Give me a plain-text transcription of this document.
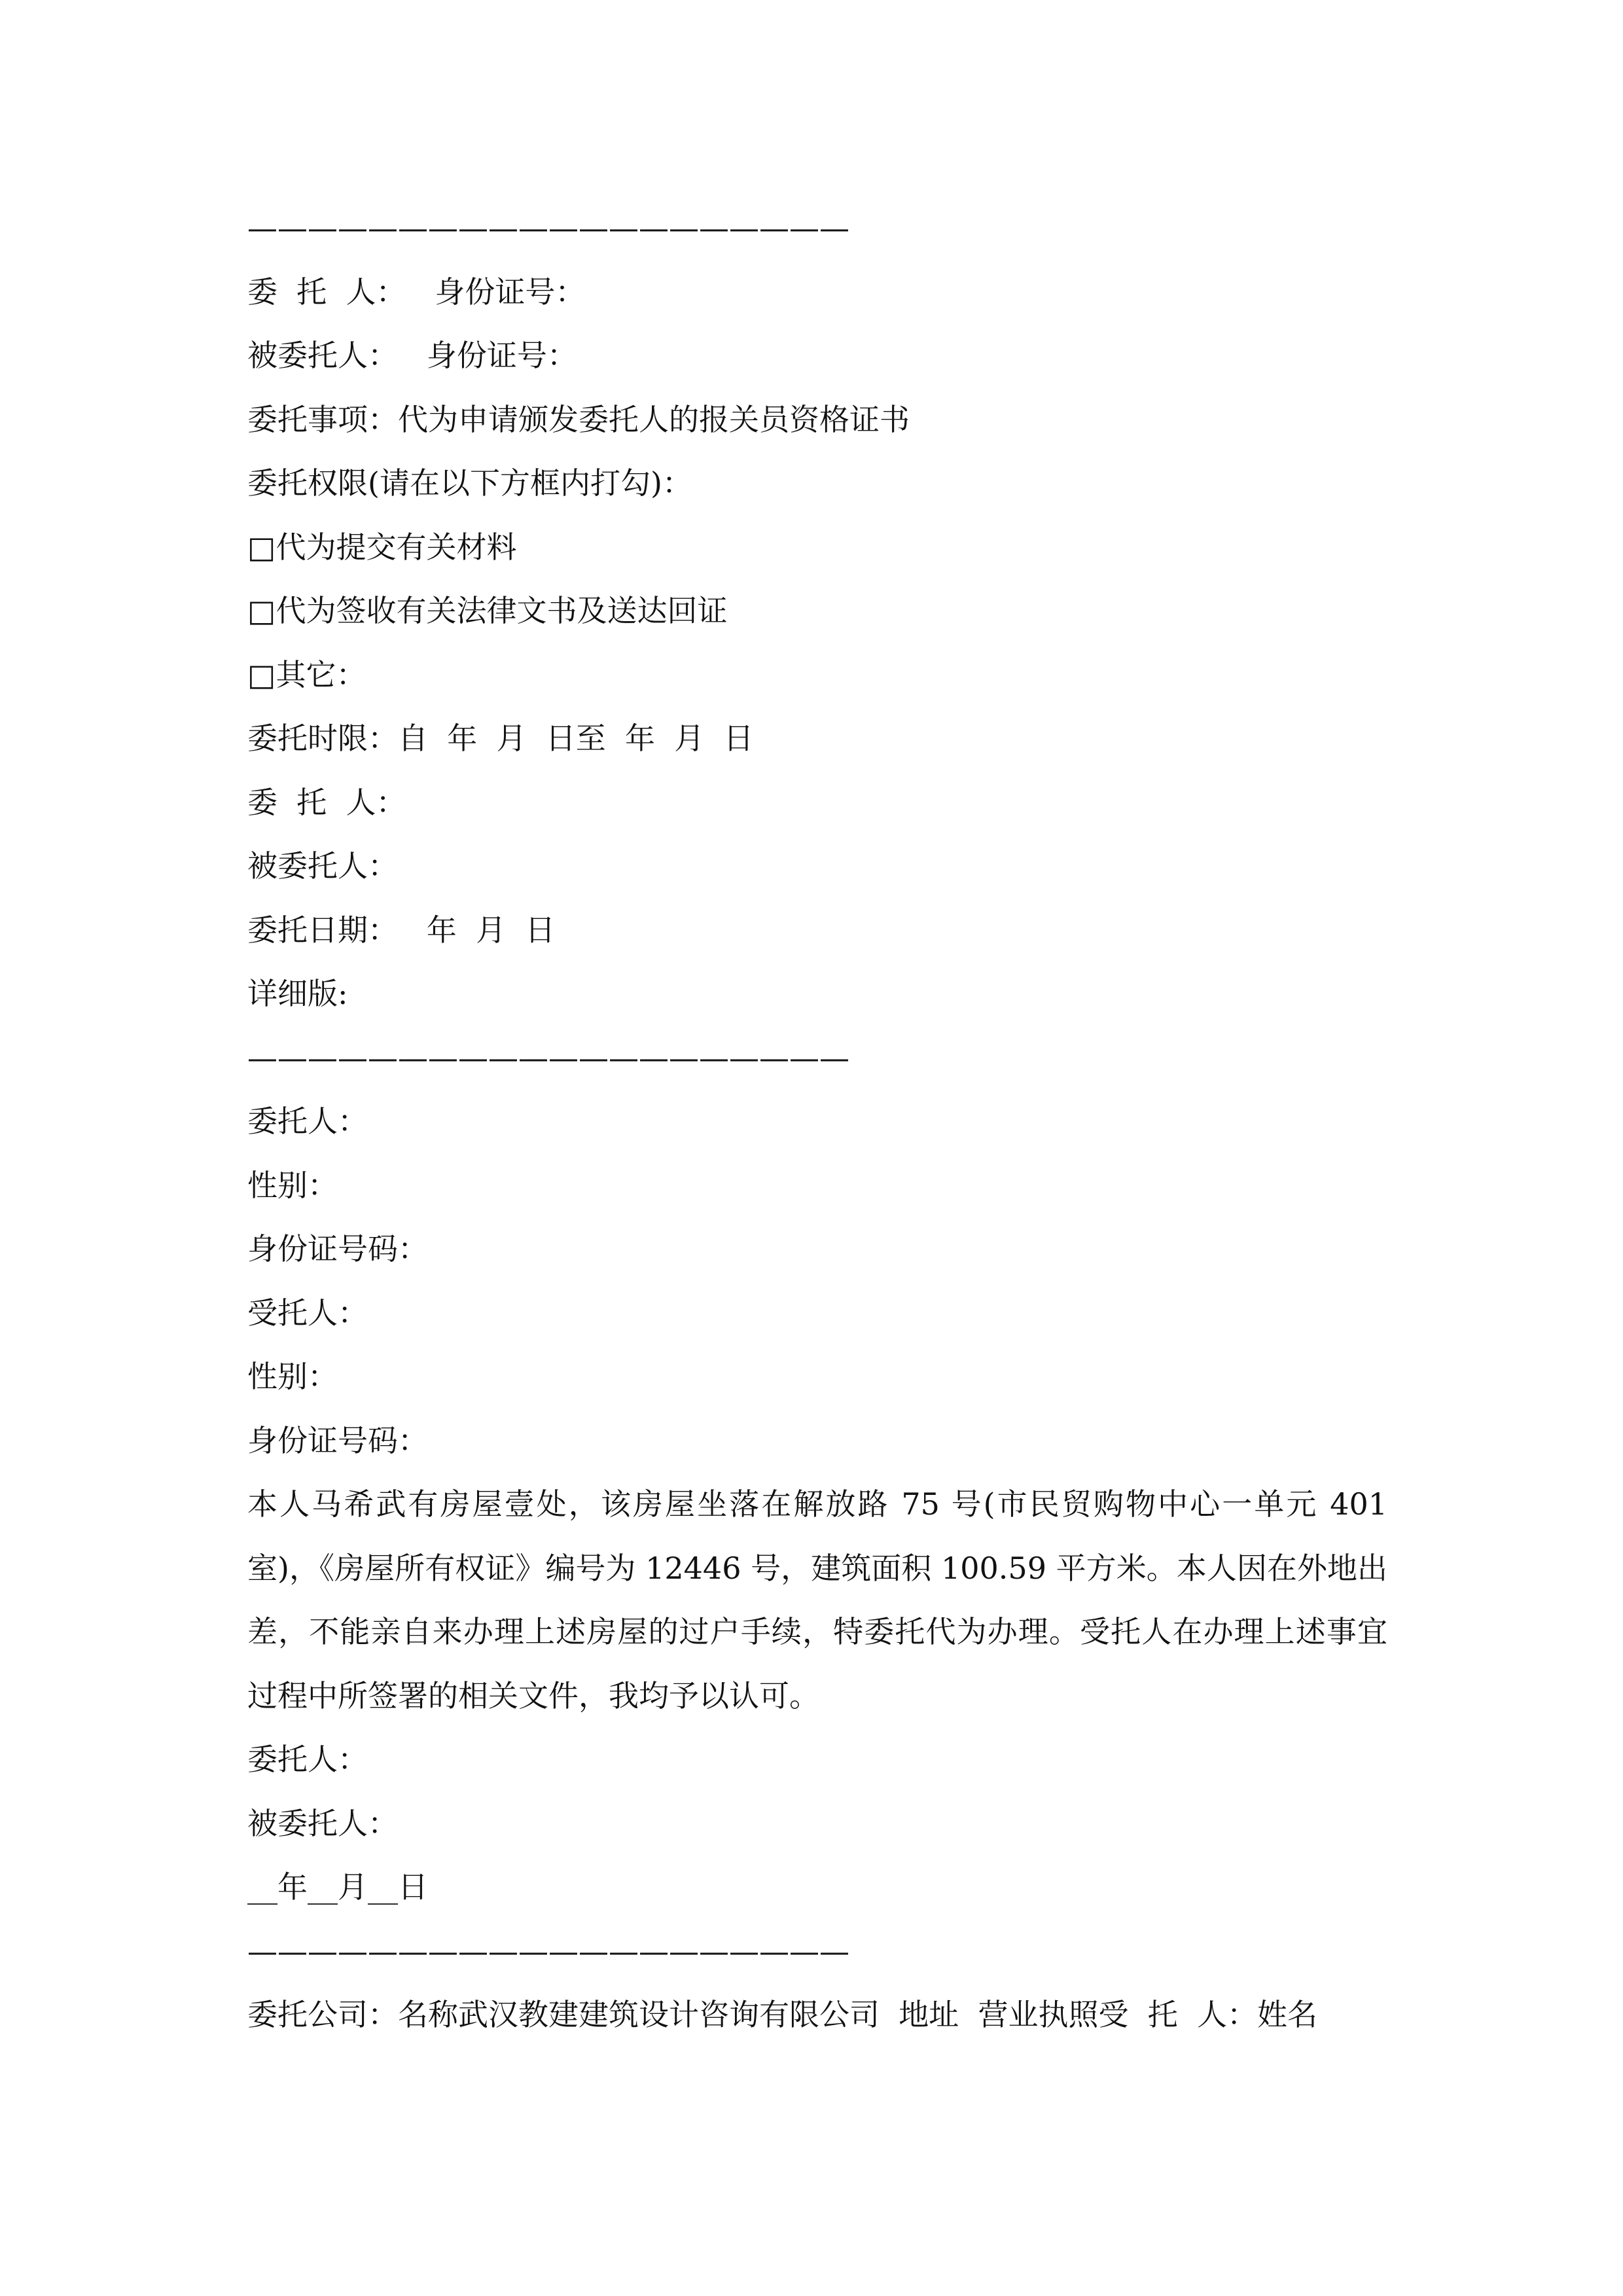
————————————————————
委  托  人：   身份证号：
被委托人：   身份证号：
委托事项：代为申请颁发委托人的报关员资格证书
委托权限(请在以下方框内打勾)：
□代为提交有关材料
□代为签收有关法律文书及送达回证
□其它：
委托时限：自  年  月  日至  年  月  日
委  托  人：
被委托人：
委托日期：   年  月  日
详细版:
————————————————————
委托人：
性别：
身份证号码：
受托人：
性别：
身份证号码：
本人马希武有房屋壹处，该房屋坐落在解放路 75 号(市民贸购物中心一单元 401 室)，《房屋所有权证》编号为 12446 号，建筑面积 100.59 平方米。本人因在外地出差，不能亲自来办理上述房屋的过户手续，特委托代为办理。受托人在办理上述事宜过程中所签署的相关文件，我均予以认可。
委托人：
被委托人：
__年__月__日
————————————————————
委托公司：名称武汉教建建筑设计咨询有限公司  地址  营业执照受  托  人：姓名
